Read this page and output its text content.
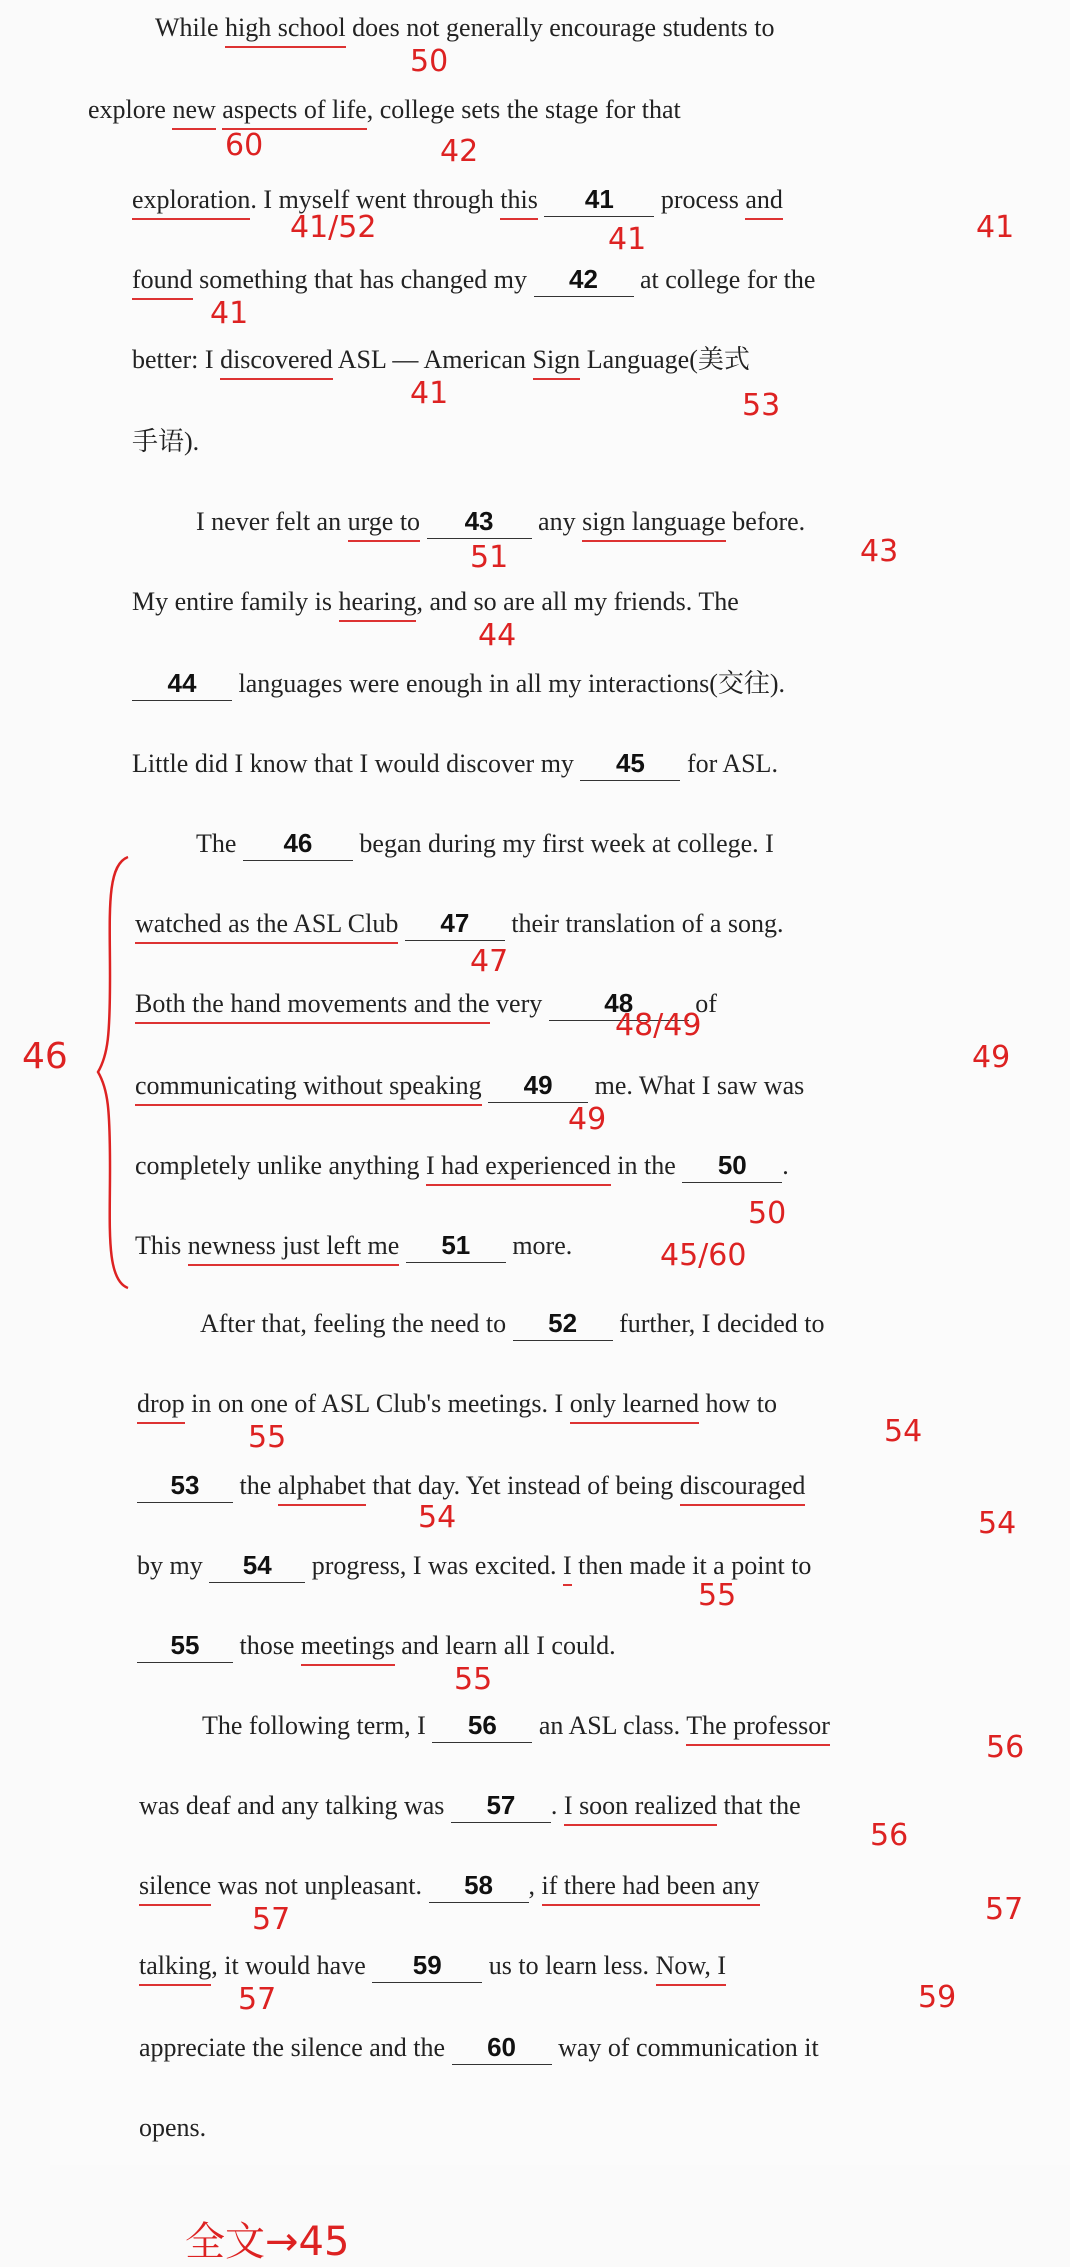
While high school does not generally encourage students to
explore new aspects of life, college sets the stage for that
exploration. I myself went through this 41 process and
found something that has changed my 42 at college for the
better: I discovered ASL — American Sign Language(美式
手语).
I never felt an urge to 43 any sign language before.
My entire family is hearing, and so are all my friends. The
44 languages were enough in all my interactions(交往).
Little did I know that I would discover my 45 for ASL.
The 46 began during my first week at college. I
watched as the ASL Club 47 their translation of a song.
Both the hand movements and the very 48 of
communicating without speaking 49 me. What I saw was
completely unlike anything I had experienced in the 50 .
This newness just left me 51 more.
After that, feeling the need to 52 further, I decided to
drop in on one of ASL Club's meetings. I only learned how to
53 the alphabet that day. Yet instead of being discouraged
by my 54 progress, I was excited. I then made it a point to
55 those meetings and learn all I could.
The following term, I 56 an ASL class. The professor
was deaf and any talking was 57 . I soon realized that the
silence was not unpleasant. 58 , if there had been any
talking, it would have 59 us to learn less. Now, I
appreciate the silence and the 60 way of communication it
opens.
50
60	42
41/52	41	41
41
41	53
51	43
44
47
48/49
49
49
46
50
45/60
55	54
54	54
55
55
56
56
57	57
57	59
全文→45
